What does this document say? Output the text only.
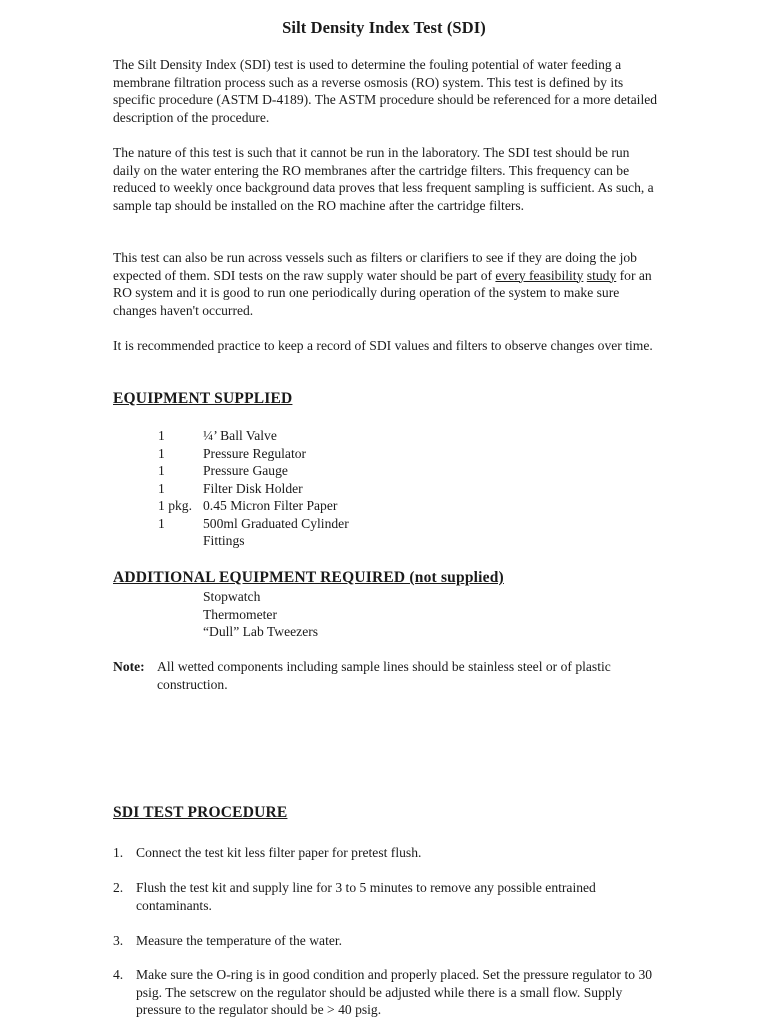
Silt Density Index Test (SDI)

The Silt Density Index (SDI) test is used to determine the fouling potential of water feeding a membrane filtration process such as a reverse osmosis (RO) system. This test is defined by its specific procedure (ASTM D-4189). The ASTM procedure should be referenced for a more detailed description of the procedure.

The nature of this test is such that it cannot be run in the laboratory. The SDI test should be run daily on the water entering the RO membranes after the cartridge filters. This frequency can be reduced to weekly once background data proves that less frequent sampling is sufficient. As such, a sample tap should be installed on the RO machine after the cartridge filters.

This test can also be run across vessels such as filters or clarifiers to see if they are doing the job expected of them. SDI tests on the raw supply water should be part of every feasibility study for an RO system and it is good to run one periodically during operation of the system to make sure changes haven't occurred.

It is recommended practice to keep a record of SDI values and filters to observe changes over time.

EQUIPMENT SUPPLIED
1	¼’ Ball Valve
1	Pressure Regulator
1	Pressure Gauge
1	Filter Disk Holder
1 pkg. 0.45 Micron Filter Paper
1	500ml Graduated Cylinder
Fittings
ADDITIONAL EQUIPMENT REQUIRED (not supplied)
Stopwatch
Thermometer
“Dull” Lab Tweezers
Note: All wetted components including sample lines should be stainless steel or of plastic construction.
SDI TEST PROCEDURE
1. Connect the test kit less filter paper for pretest flush.
2. Flush the test kit and supply line for 3 to 5 minutes to remove any possible entrained contaminants.
3. Measure the temperature of the water.
4. Make sure the O-ring is in good condition and properly placed. Set the pressure regulator to 30 psig. The setscrew on the regulator should be adjusted while there is a small flow. Supply pressure to the regulator should be > 40 psig.
